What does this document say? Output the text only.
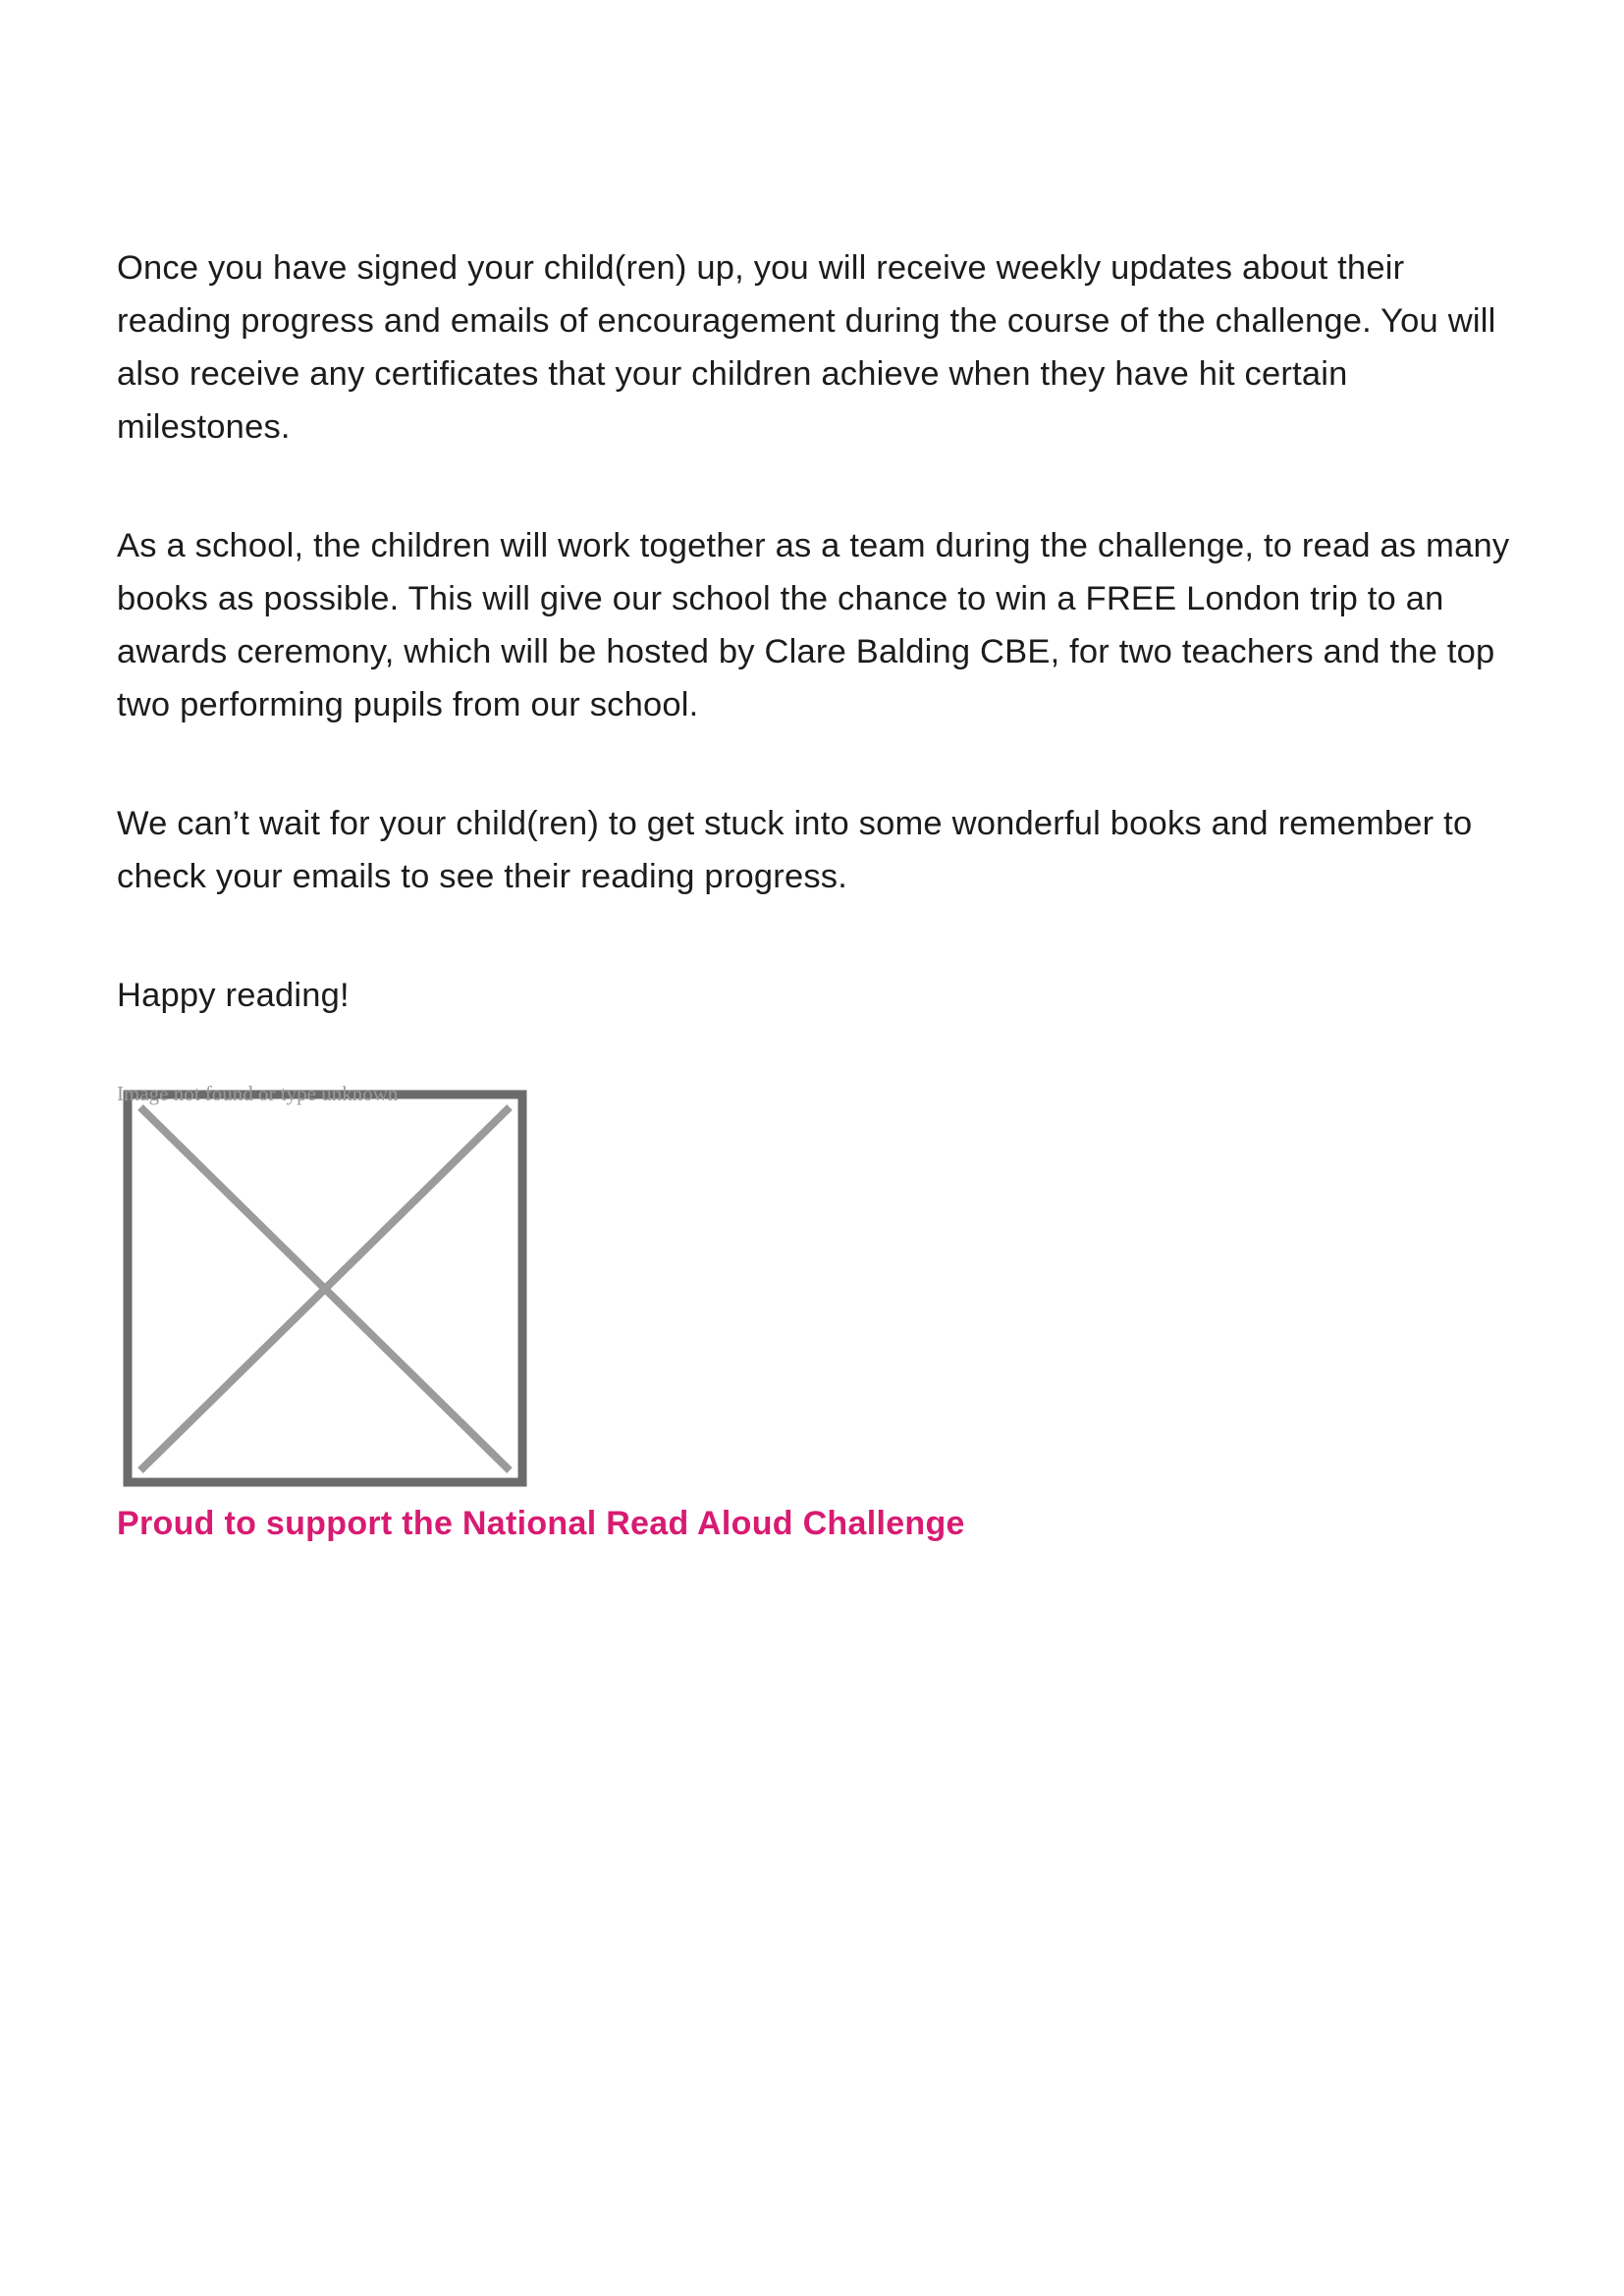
Once you have signed your child(ren) up, you will receive weekly updates about their reading progress and emails of encouragement during the course of the challenge. You will also receive any certificates that your children achieve when they have hit certain milestones.

As a school, the children will work together as a team during the challenge, to read as many books as possible. This will give our school the chance to win a FREE London trip to an awards ceremony, which will be hosted by Clare Balding CBE, for two teachers and the top two performing pupils from our school.

We can’t wait for your child(ren) to get stuck into some wonderful books and remember to check your emails to see their reading progress.

Happy reading!

Image not found or type unknown

Proud to support the National Read Aloud Challenge
